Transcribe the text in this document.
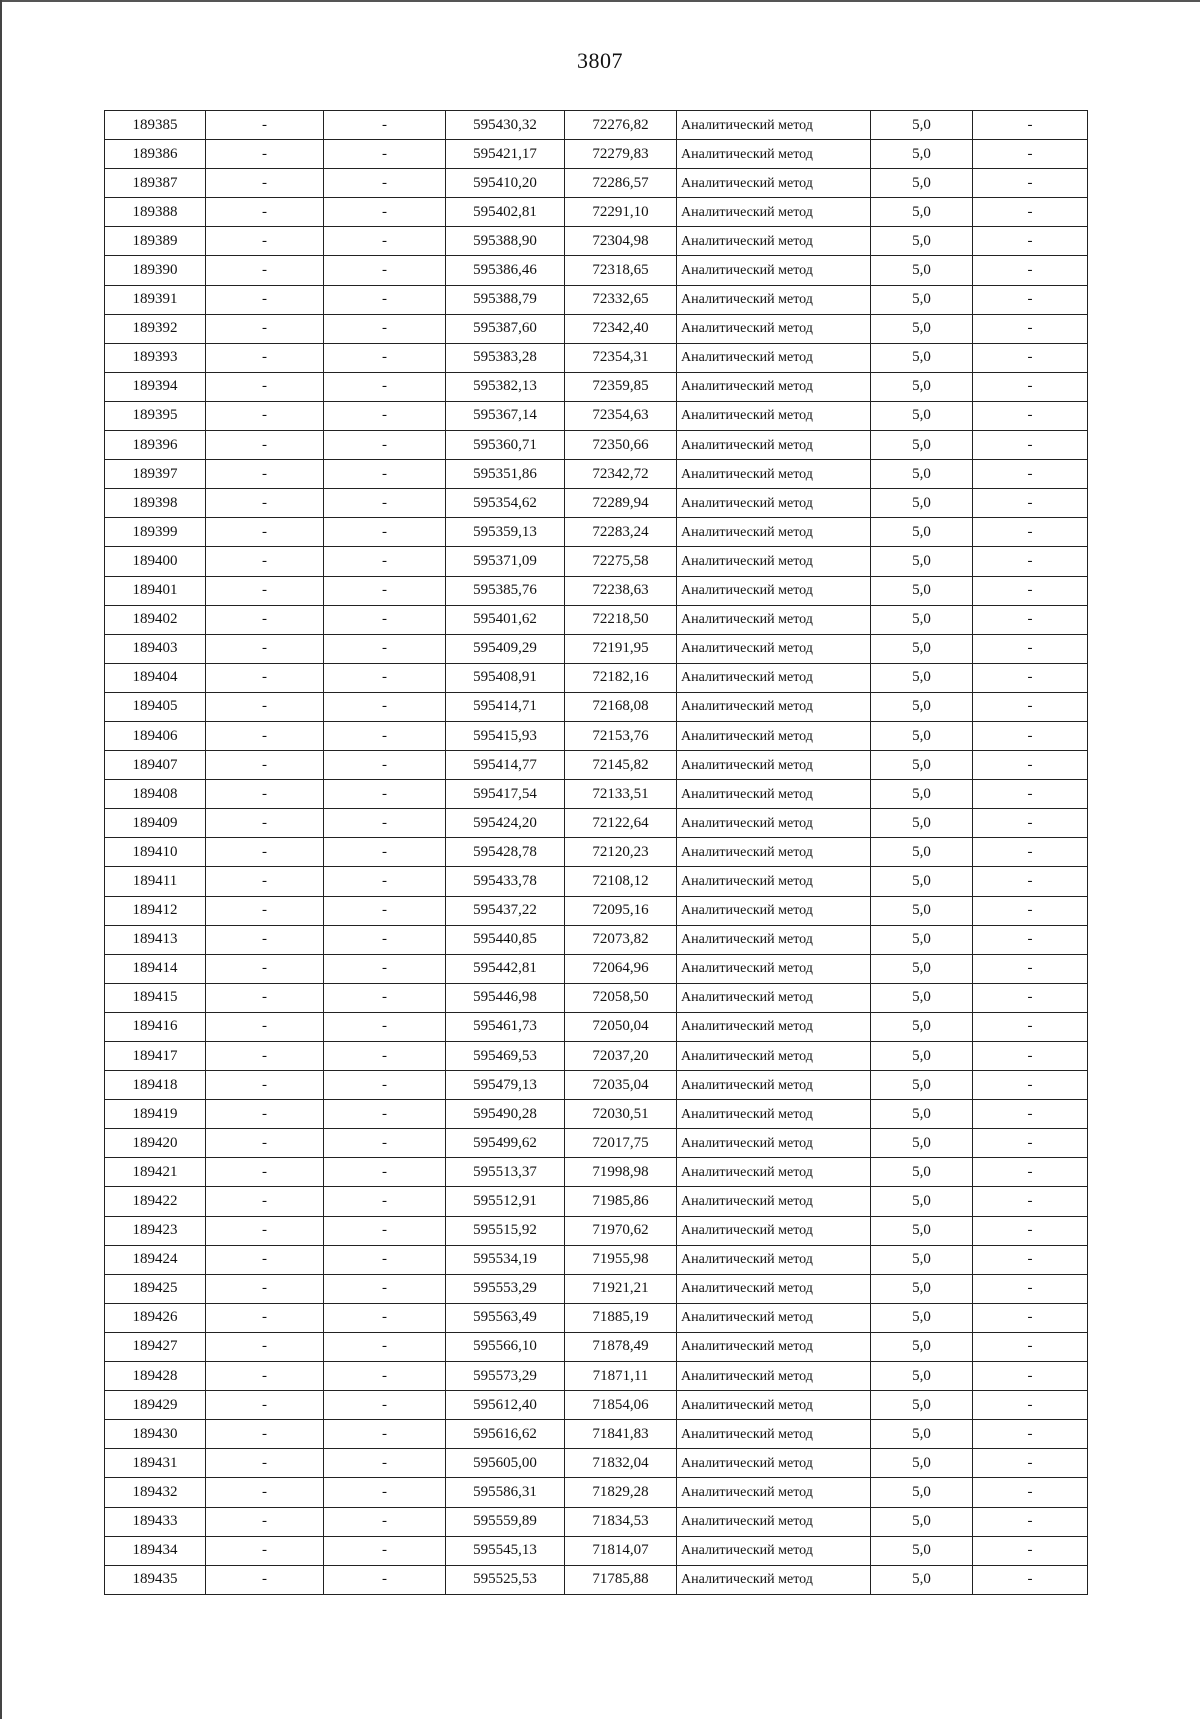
3807
189385	-	-	595430,32	72276,82	Аналитический метод	5,0	-
189386	-	-	595421,17	72279,83	Аналитический метод	5,0	-
189387	-	-	595410,20	72286,57	Аналитический метод	5,0	-
189388	-	-	595402,81	72291,10	Аналитический метод	5,0	-
189389	-	-	595388,90	72304,98	Аналитический метод	5,0	-
189390	-	-	595386,46	72318,65	Аналитический метод	5,0	-
189391	-	-	595388,79	72332,65	Аналитический метод	5,0	-
189392	-	-	595387,60	72342,40	Аналитический метод	5,0	-
189393	-	-	595383,28	72354,31	Аналитический метод	5,0	-
189394	-	-	595382,13	72359,85	Аналитический метод	5,0	-
189395	-	-	595367,14	72354,63	Аналитический метод	5,0	-
189396	-	-	595360,71	72350,66	Аналитический метод	5,0	-
189397	-	-	595351,86	72342,72	Аналитический метод	5,0	-
189398	-	-	595354,62	72289,94	Аналитический метод	5,0	-
189399	-	-	595359,13	72283,24	Аналитический метод	5,0	-
189400	-	-	595371,09	72275,58	Аналитический метод	5,0	-
189401	-	-	595385,76	72238,63	Аналитический метод	5,0	-
189402	-	-	595401,62	72218,50	Аналитический метод	5,0	-
189403	-	-	595409,29	72191,95	Аналитический метод	5,0	-
189404	-	-	595408,91	72182,16	Аналитический метод	5,0	-
189405	-	-	595414,71	72168,08	Аналитический метод	5,0	-
189406	-	-	595415,93	72153,76	Аналитический метод	5,0	-
189407	-	-	595414,77	72145,82	Аналитический метод	5,0	-
189408	-	-	595417,54	72133,51	Аналитический метод	5,0	-
189409	-	-	595424,20	72122,64	Аналитический метод	5,0	-
189410	-	-	595428,78	72120,23	Аналитический метод	5,0	-
189411	-	-	595433,78	72108,12	Аналитический метод	5,0	-
189412	-	-	595437,22	72095,16	Аналитический метод	5,0	-
189413	-	-	595440,85	72073,82	Аналитический метод	5,0	-
189414	-	-	595442,81	72064,96	Аналитический метод	5,0	-
189415	-	-	595446,98	72058,50	Аналитический метод	5,0	-
189416	-	-	595461,73	72050,04	Аналитический метод	5,0	-
189417	-	-	595469,53	72037,20	Аналитический метод	5,0	-
189418	-	-	595479,13	72035,04	Аналитический метод	5,0	-
189419	-	-	595490,28	72030,51	Аналитический метод	5,0	-
189420	-	-	595499,62	72017,75	Аналитический метод	5,0	-
189421	-	-	595513,37	71998,98	Аналитический метод	5,0	-
189422	-	-	595512,91	71985,86	Аналитический метод	5,0	-
189423	-	-	595515,92	71970,62	Аналитический метод	5,0	-
189424	-	-	595534,19	71955,98	Аналитический метод	5,0	-
189425	-	-	595553,29	71921,21	Аналитический метод	5,0	-
189426	-	-	595563,49	71885,19	Аналитический метод	5,0	-
189427	-	-	595566,10	71878,49	Аналитический метод	5,0	-
189428	-	-	595573,29	71871,11	Аналитический метод	5,0	-
189429	-	-	595612,40	71854,06	Аналитический метод	5,0	-
189430	-	-	595616,62	71841,83	Аналитический метод	5,0	-
189431	-	-	595605,00	71832,04	Аналитический метод	5,0	-
189432	-	-	595586,31	71829,28	Аналитический метод	5,0	-
189433	-	-	595559,89	71834,53	Аналитический метод	5,0	-
189434	-	-	595545,13	71814,07	Аналитический метод	5,0	-
189435	-	-	595525,53	71785,88	Аналитический метод	5,0	-
